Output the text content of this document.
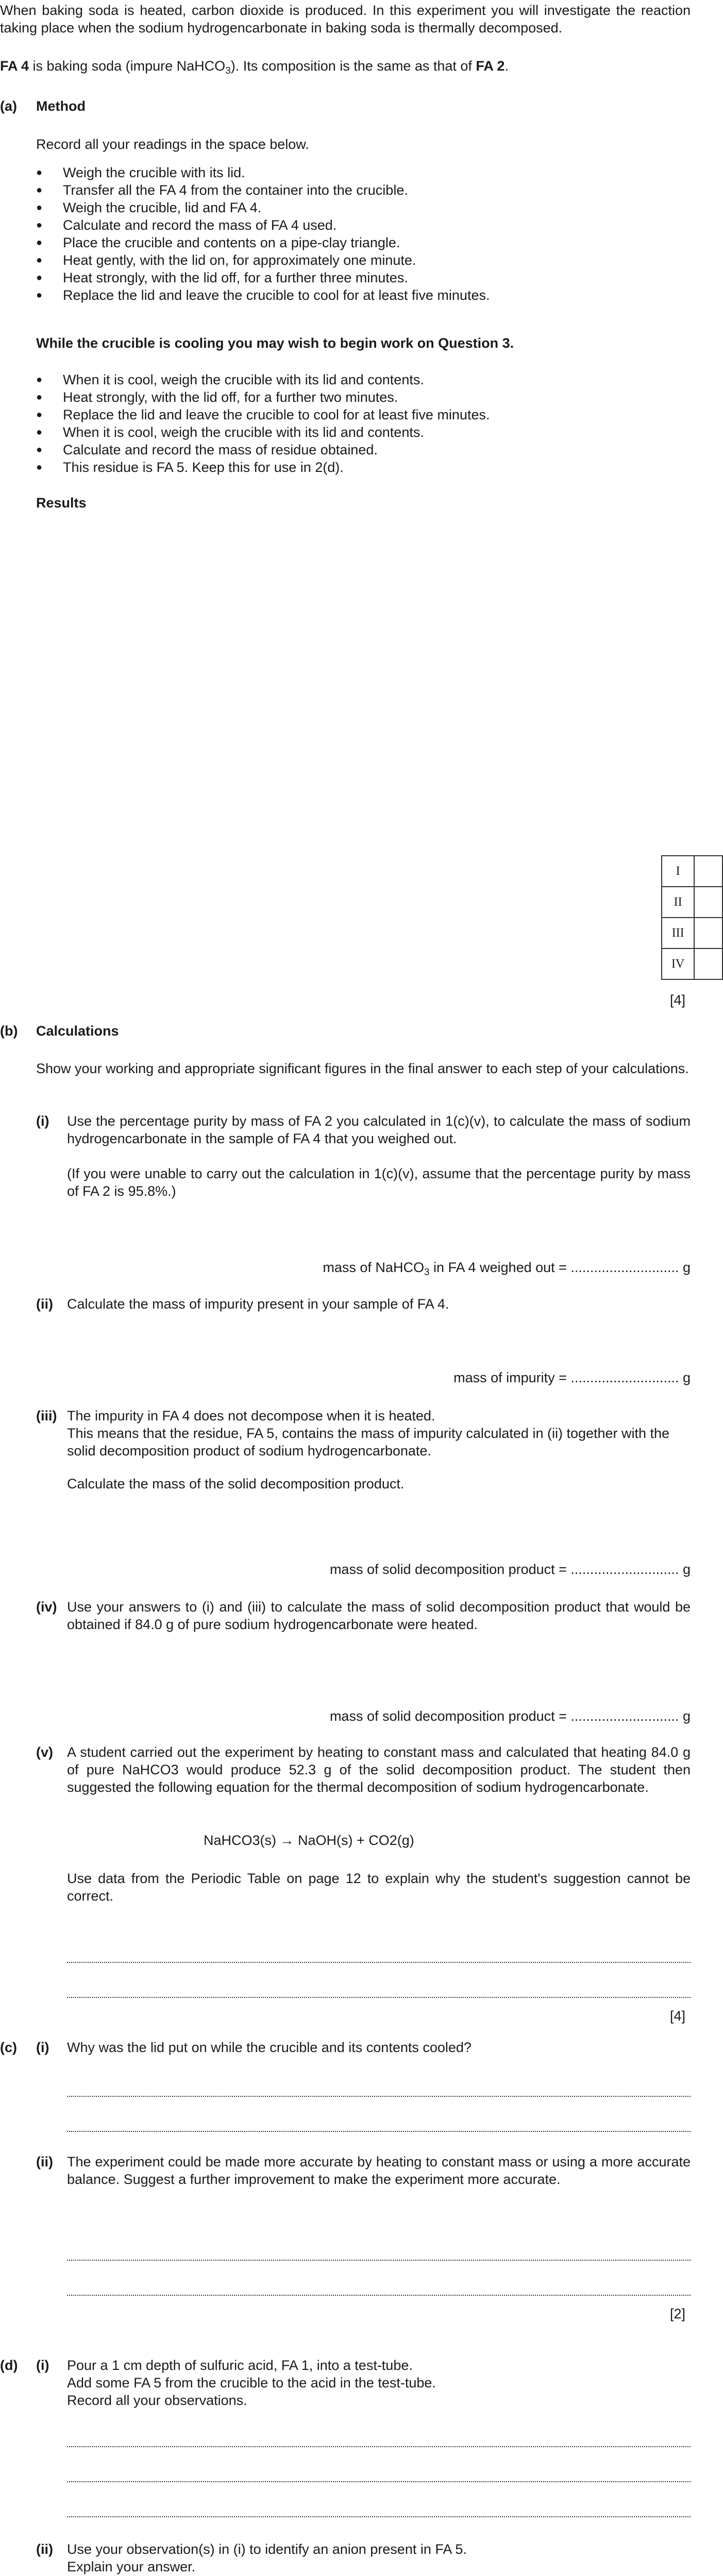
When baking soda is heated, carbon dioxide is produced. In this experiment you will investigate the reaction taking place when the sodium hydrogencarbonate in baking soda is thermally decomposed.
FA 4 is baking soda (impure NaHCO$_3$). Its composition is the same as that of FA 2.
(a) Method
Record all your readings in the space below.
● Weigh the crucible with its lid.
● Transfer all the FA 4 from the container into the crucible.
● Weigh the crucible, lid and FA 4.
● Calculate and record the mass of FA 4 used.
● Place the crucible and contents on a pipe-clay triangle.
● Heat gently, with the lid on, for approximately one minute.
● Heat strongly, with the lid off, for a further three minutes.
● Replace the lid and leave the crucible to cool for at least five minutes.
While the crucible is cooling you may wish to begin work on Question 3.
● When it is cool, weigh the crucible with its lid and contents.
● Heat strongly, with the lid off, for a further two minutes.
● Replace the lid and leave the crucible to cool for at least five minutes.
● When it is cool, weigh the crucible with its lid and contents.
● Calculate and record the mass of residue obtained.
● This residue is FA 5. Keep this for use in 2(d).
Results
I	
II	
III	
IV	
[4]
(b) Calculations
Show your working and appropriate significant figures in the final answer to each step of your calculations.
(i) Use the percentage purity by mass of FA 2 you calculated in 1(c)(v), to calculate the mass of sodium hydrogencarbonate in the sample of FA 4 that you weighed out.
(If you were unable to carry out the calculation in 1(c)(v), assume that the percentage purity by mass of FA 2 is 95.8%.)
mass of NaHCO$_3$ in FA 4 weighed out = ............................ g
(ii) Calculate the mass of impurity present in your sample of FA 4.
mass of impurity = ............................ g
(iii) The impurity in FA 4 does not decompose when it is heated.
This means that the residue, FA 5, contains the mass of impurity calculated in (ii) together with the solid decomposition product of sodium hydrogencarbonate.
Calculate the mass of the solid decomposition product.
mass of solid decomposition product = ............................ g
(iv) Use your answers to (i) and (iii) to calculate the mass of solid decomposition product that would be obtained if 84.0 g of pure sodium hydrogencarbonate were heated.
mass of solid decomposition product = ............................ g
(v) A student carried out the experiment by heating to constant mass and calculated that heating 84.0 g of pure NaHCO3 would produce 52.3 g of the solid decomposition product. The student then suggested the following equation for the thermal decomposition of sodium hydrogencarbonate.
NaHCO3(s) → NaOH(s) + CO2(g)
Use data from the Periodic Table on page 12 to explain why the student's suggestion cannot be correct.
[4]
(c) (i) Why was the lid put on while the crucible and its contents cooled?
(ii) The experiment could be made more accurate by heating to constant mass or using a more accurate balance. Suggest a further improvement to make the experiment more accurate.
[2]
(d) (i) Pour a 1 cm depth of sulfuric acid, FA 1, into a test-tube.
Add some FA 5 from the crucible to the acid in the test-tube.
Record all your observations.
(ii) Use your observation(s) in (i) to identify an anion present in FA 5.
Explain your answer.
